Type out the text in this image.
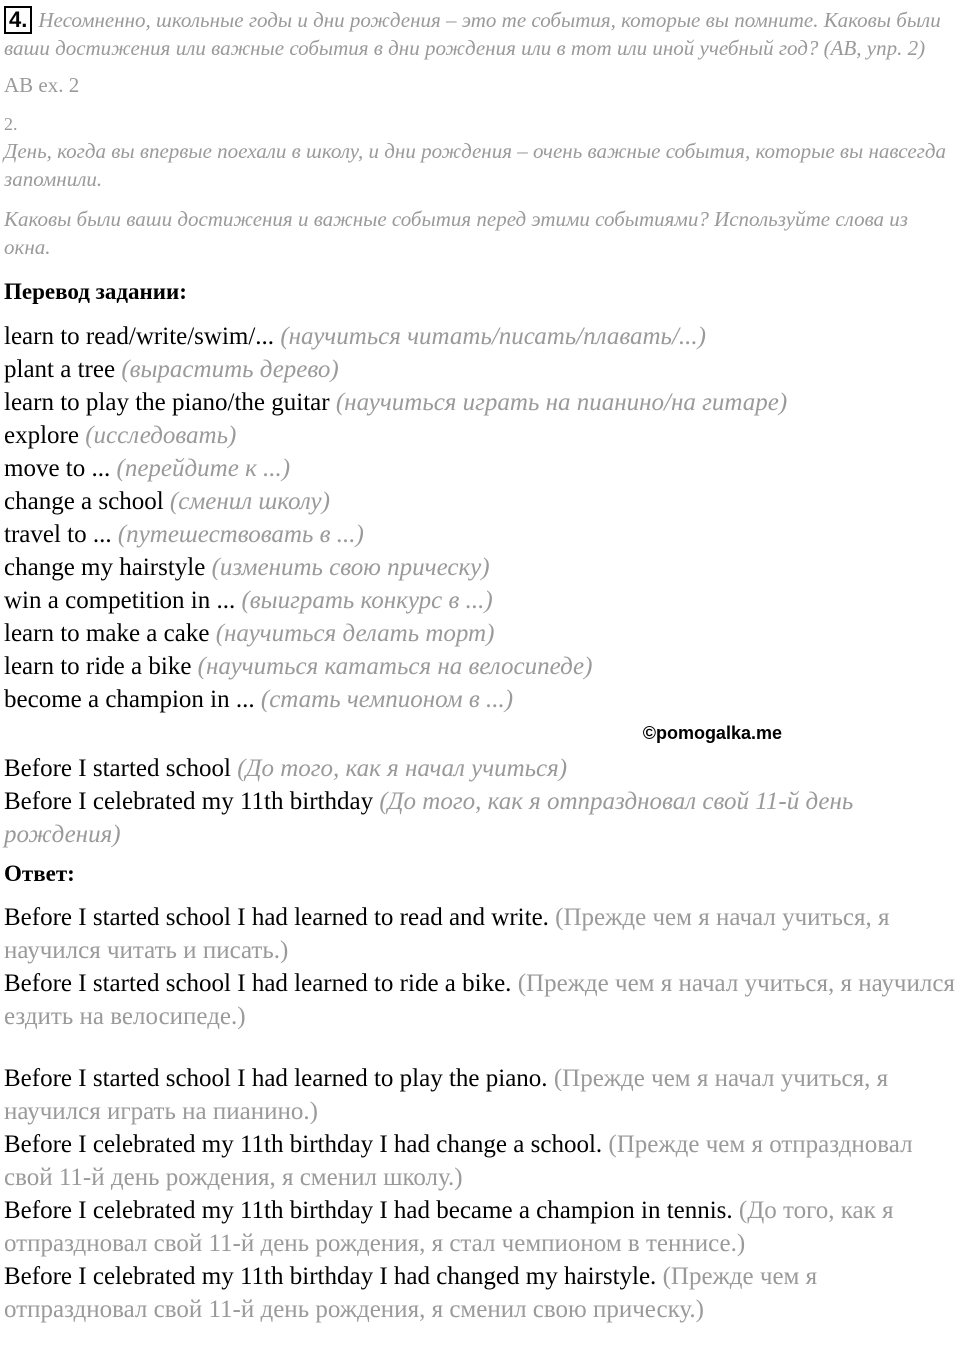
4. Несомненно, школьные годы и дни рождения – это те события, которые вы помните. Каковы были ваши достижения или важные события в дни рождения или в тот или иной учебный год? (AB, упр. 2)
AB ex. 2
2.
День, когда вы впервые поехали в школу, и дни рождения – очень важные события, которые вы навсегда запомнили.
Каковы были ваши достижения и важные события перед этими событиями? Используйте слова из окна.
Перевод задании:
learn to read/write/swim/... (научиться читать/писать/плавать/...)
plant a tree (вырастить дерево)
learn to play the piano/the guitar (научиться играть на пианино/на гитаре)
explore (исследовать)
move to ... (перейдите к ...)
change a school (сменил школу)
travel to ... (путешествовать в ...)
change my hairstyle (изменить свою прическу)
win a competition in ... (выиграть конкурс в ...)
learn to make a cake (научиться делать торт)
learn to ride a bike (научиться кататься на велосипеде)
become a champion in ... (стать чемпионом в ...)
©pomogalka.me
Before I started school (До того, как я начал учиться)
Before I celebrated my 11th birthday (До того, как я отпраздновал свой 11-й день рождения)
Ответ:
Before I started school I had learned to read and write. (Прежде чем я начал учиться, я научился читать и писать.)
Before I started school I had learned to ride a bike. (Прежде чем я начал учиться, я научился ездить на велосипеде.)
Before I started school I had learned to play the piano. (Прежде чем я начал учиться, я научился играть на пианино.)
Before I celebrated my 11th birthday I had change a school. (Прежде чем я отпраздновал свой 11-й день рождения, я сменил школу.)
Before I celebrated my 11th birthday I had became a champion in tennis. (До того, как я отпраздновал свой 11-й день рождения, я стал чемпионом в теннисе.)
Before I celebrated my 11th birthday I had changed my hairstyle. (Прежде чем я отпраздновал свой 11-й день рождения, я сменил свою прическу.)
